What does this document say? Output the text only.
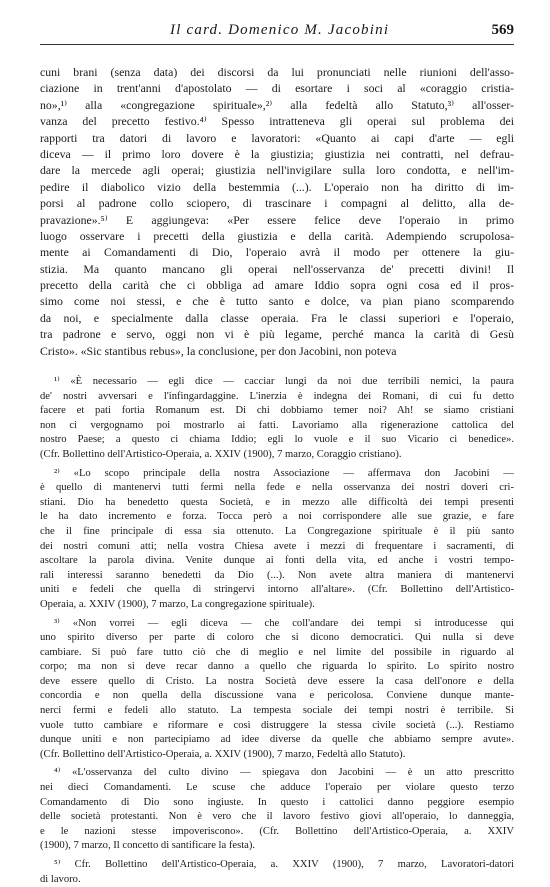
Il card. Domenico M. Jacobini	569
cuni brani (senza data) dei discorsi da lui pronunciati nelle riunioni dell'asso-
ciazione in trent'anni d'apostolato — di esortare i soci al «coraggio cristia-
no»,¹⁾ alla «congregazione spirituale»,²⁾ alla fedeltà allo Statuto,³⁾ all'osser-
vanza del precetto festivo.⁴⁾ Spesso intratteneva gli operai sul problema dei
rapporti tra datori di lavoro e lavoratori: «Quanto ai capi d'arte — egli
diceva — il primo loro dovere è la giustizia; giustizia nei contratti, nel defrau-
dare la mercede agli operai; giustizia nell'invigilare sulla loro condotta, e nell'im-
pedire il diabolico vizio della bestemmia (...). L'operaio non ha diritto di im-
porsi al padrone collo sciopero, di trascinare i compagni al delitto, alla de-
pravazione».⁵⁾ E aggiungeva: «Per essere felice deve l'operaio in primo
luogo osservare i precetti della giustizia e della carità. Adempiendo scrupolosa-
mente ai Comandamenti di Dio, l'operaio avrà il modo per ottenere la giu-
stizia. Ma quanto mancano gli operai nell'osservanza de' precetti divini! Il
precetto della carità che ci obbliga ad amare Iddio sopra ogni cosa ed il pros-
simo come noi stessi, e che è tutto santo e dolce, va pian piano scomparendo
da noi, e specialmente dalla classe operaia. Fra le classi superiori e l'operaio,
tra padrone e servo, oggi non vi è più legame, perché manca la carità di Gesù
Cristo». «Sic stantibus rebus», la conclusione, per don Jacobini, non poteva
¹⁾ «È necessario — egli dice — cacciar lungi da noi due terribili nemici, la paura
de' nostri avversari e l'infingardaggine. L'inerzia è indegna dei Romani, di cui fu detto
facere et pati fortia Romanum est. Di chi dobbiamo temer noi? Ah! se siamo cristiani
non ci vergognamo poi mostrarlo ai fatti. Lavoriamo alla rigenerazione cattolica del
nostro Paese; a questo ci chiama Iddio; egli lo vuole e il suo Vicario ci benedice».
(Cfr. Bollettino dell'Artistico-Operaia, a. XXIV (1900), 7 marzo, Coraggio cristiano).
²⁾ «Lo scopo principale della nostra Associazione — affermava don Jacobini —
è quello di mantenervi tutti fermi nella fede e nella osservanza dei nostri doveri cri-
stiani. Dio ha benedetto questa Società, e in mezzo alle difficoltà dei tempi presenti
le ha dato incremento e forza. Tocca però a noi corrispondere alle sue grazie, e fare
che il fine principale di essa sia ottenuto. La Congregazione spirituale è il più santo
dei nostri comuni atti; nella vostra Chiesa avete i mezzi di frequentare i sacramenti, di
ascoltare la parola divina. Venite dunque ai fonti della vita, ed anche i vostri tempo-
rali interessi saranno benedetti da Dio (...). Non avete altra maniera di mantenervi
uniti e fedeli che quella di stringervi intorno all'altare». (Cfr. Bollettino dell'Artistico-
Operaia, a. XXIV (1900), 7 marzo, La congregazione spirituale).
³⁾ «Non vorrei — egli diceva — che coll'andare dei tempi si introducesse qui
uno spirito diverso per parte di coloro che si dicono democratici. Qui nulla si deve
cambiare. Si può fare tutto ciò che di meglio e nel limite del possibile in riguardo al
corpo; ma non si deve recar danno a quello che riguarda lo spirito. Lo spirito nostro
deve essere quello di Cristo. La nostra Società deve essere la casa dell'onore e della
concordia e non quella della discussione vana e pericolosa. Conviene dunque mante-
nerci fermi e fedeli allo statuto. La tempesta sociale dei tempi nostri è terribile. Si
vuole tutto cambiare e riformare e così distruggere la stessa civile società (...). Restiamo
dunque uniti e non partecipiamo ad idee diverse da quelle che abbiamo sempre avute».
(Cfr. Bollettino dell'Artistico-Operaia, a. XXIV (1900), 7 marzo, Fedeltà allo Statuto).
⁴⁾ «L'osservanza del culto divino — spiegava don Jacobini — è un atto prescritto
nei dieci Comandamenti. Le scuse che adduce l'operaio per violare questo terzo
Comandamento di Dio sono ingiuste. In questo i cattolici danno peggiore esempio
delle società protestanti. Non è vero che il lavoro festivo giovi all'operaio, lo danneggia,
e le nazioni stesse impoveriscono». (Cfr. Bollettino dell'Artistico-Operaia, a. XXIV
(1900), 7 marzo, Il concetto di santificare la festa).
⁵⁾ Cfr. Bollettino dell'Artistico-Operaia, a. XXIV (1900), 7 marzo, Lavoratori-datori
di lavoro.
